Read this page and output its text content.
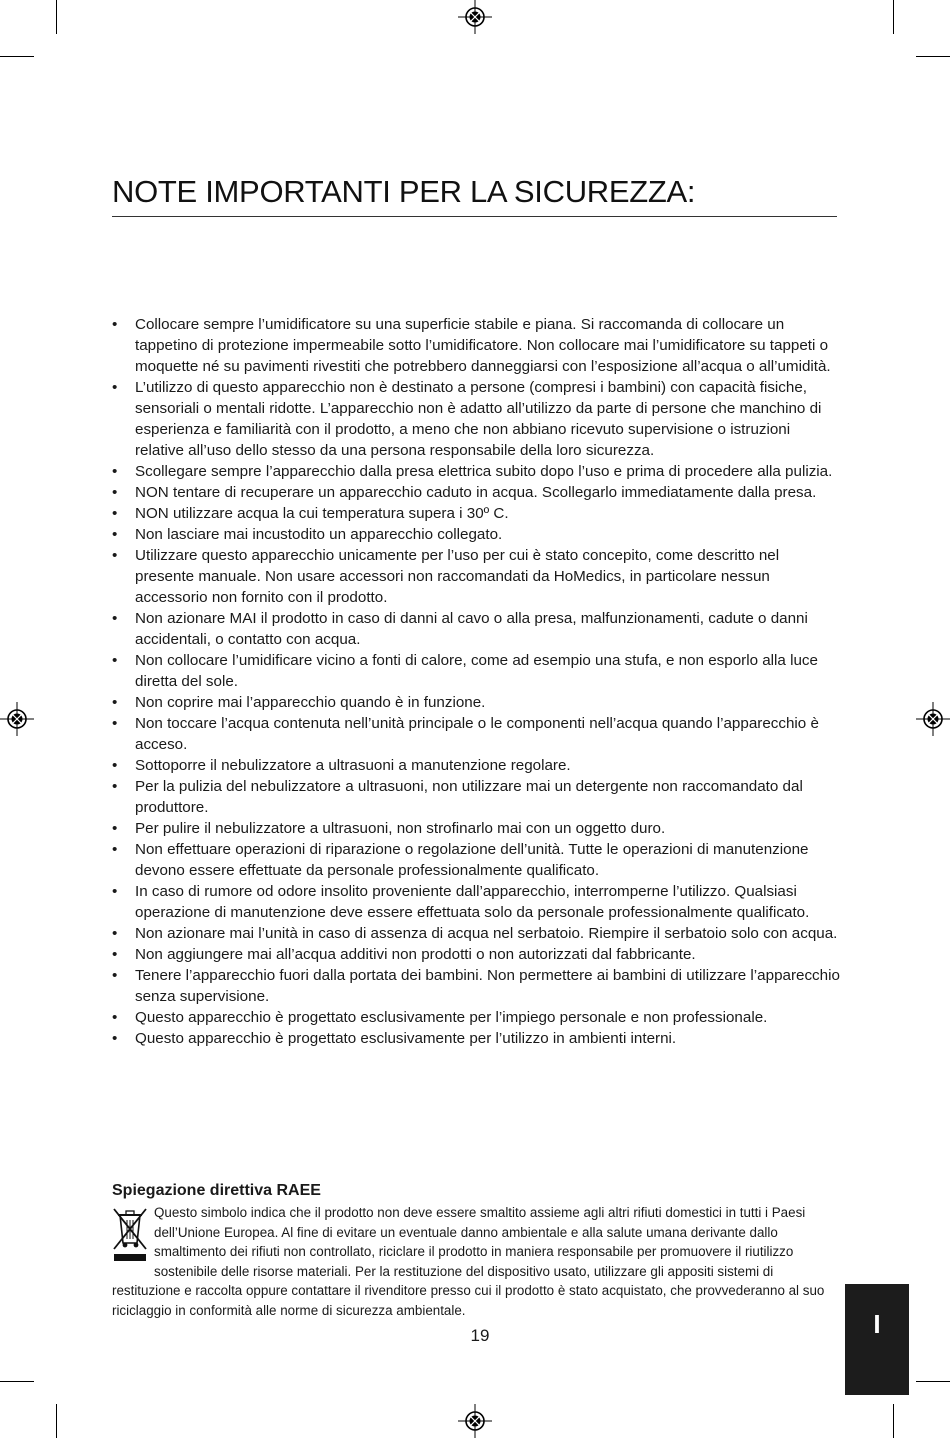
NOTE IMPORTANTI PER LA SICUREZZA:
• Collocare sempre l’umidificatore su una superficie stabile e piana. Si raccomanda di collocare un tappetino di protezione impermeabile sotto l’umidificatore. Non collocare mai l’umidificatore su tappeti o moquette né su pavimenti rivestiti che potrebbero danneggiarsi con l’esposizione all’acqua o all’umidità.
• L’utilizzo di questo apparecchio non è destinato a persone (compresi i bambini) con capacità fisiche, sensoriali o mentali ridotte. L’apparecchio non è adatto all’utilizzo da parte di persone che manchino di esperienza e familiarità con il prodotto, a meno che non abbiano ricevuto supervisione o istruzioni relative all’uso dello stesso da una persona responsabile della loro sicurezza.
• Scollegare sempre l’apparecchio dalla presa elettrica subito dopo l’uso e prima di procedere alla pulizia.
• NON tentare di recuperare un apparecchio caduto in acqua. Scollegarlo immediatamente dalla presa.
• NON utilizzare acqua la cui temperatura supera i 30º C.
• Non lasciare mai incustodito un apparecchio collegato.
• Utilizzare questo apparecchio unicamente per l’uso per cui è stato concepito, come descritto nel presente manuale. Non usare accessori non raccomandati da HoMedics, in particolare nessun accessorio non fornito con il prodotto.
• Non azionare MAI il prodotto in caso di danni al cavo o alla presa, malfunzionamenti, cadute o danni accidentali, o contatto con acqua.
• Non collocare l’umidificare vicino a fonti di calore, come ad esempio una stufa, e non esporlo alla luce diretta del sole.
• Non coprire mai l’apparecchio quando è in funzione.
• Non toccare l’acqua contenuta nell’unità principale o le componenti nell’acqua quando l’apparecchio è acceso.
• Sottoporre il nebulizzatore a ultrasuoni a manutenzione regolare.
• Per la pulizia del nebulizzatore a ultrasuoni, non utilizzare mai un detergente non raccomandato dal produttore.
• Per pulire il nebulizzatore a ultrasuoni, non strofinarlo mai con un oggetto duro.
• Non effettuare operazioni di riparazione o regolazione dell’unità. Tutte le operazioni di manutenzione devono essere effettuate da personale professionalmente qualificato.
• In caso di rumore od odore insolito proveniente dall’apparecchio, interromperne l’utilizzo. Qualsiasi operazione di manutenzione deve essere effettuata solo da personale professionalmente qualificato.
• Non azionare mai l’unità in caso di assenza di acqua nel serbatoio. Riempire il serbatoio solo con acqua.
• Non aggiungere mai all’acqua additivi non prodotti o non autorizzati dal fabbricante.
• Tenere l’apparecchio fuori dalla portata dei bambini. Non permettere ai bambini di utilizzare l’apparecchio senza supervisione.
• Questo apparecchio è progettato esclusivamente per l’impiego personale e non professionale.
• Questo apparecchio è progettato esclusivamente per l’utilizzo in ambienti interni.
Spiegazione direttiva RAEE

Questo simbolo indica che il prodotto non deve essere smaltito assieme agli altri rifiuti domestici in tutti i Paesi dell’Unione Europea. Al fine di evitare un eventuale danno ambientale e alla salute umana derivante dallo smaltimento dei rifiuti non controllato, riciclare il prodotto in maniera responsabile per promuovere il riutilizzo sostenibile delle risorse materiali. Per la restituzione del dispositivo usato, utilizzare gli appositi sistemi di restituzione e raccolta oppure contattare il rivenditore presso cui il prodotto è stato acquistato, che provvederanno al suo riciclaggio in conformità alle norme di sicurezza ambientale.

19	I
